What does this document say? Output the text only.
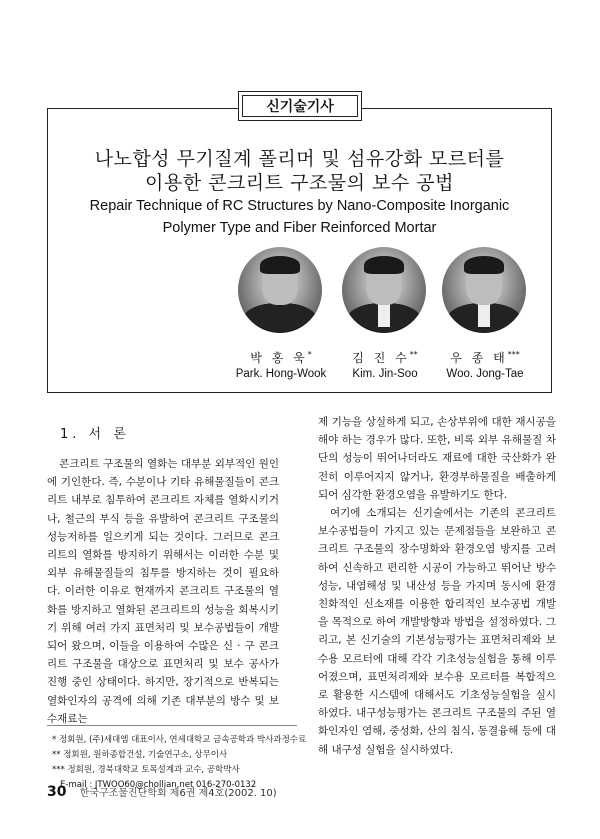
신기술기사
나노합성 무기질계 폴리머 및 섬유강화 모르터를
이용한 콘크리트 구조물의 보수 공법
Repair Technique of RC Structures by Nano-Composite Inorganic
Polymer Type and Fiber Reinforced Mortar
박 홍 욱*
Park. Hong-Wook
김 진 수**
Kim. Jin-Soo
우 종 태***
Woo. Jong-Tae
1. 서 론

콘크리트 구조물의 열화는 대부분 외부적인 원인에 기인한다. 즉, 수분이나 기타 유해물질들이 콘크리트 내부로 침투하여 콘크리트 자체를 열화시키거나, 철근의 부식 등을 유발하여 콘크리트 구조물의 성능저하를 일으키게 되는 것이다. 그러므로 콘크리트의 열화를 방지하기 위해서는 이러한 수분 및 외부 유해물질들의 침투를 방지하는 것이 필요하다. 이러한 이유로 현재까지 콘크리트 구조물의 열화를 방지하고 열화된 콘크리트의 성능을 회복시키기 위해 여러 가지 표면처리 및 보수공법들이 개발되어 왔으며, 이들을 이용하여 수많은 신 · 구 콘크리트 구조물을 대상으로 표면처리 및 보수 공사가 진행 중인 상태이다. 하지만, 장기적으로 반복되는 열화인자의 공격에 의해 기존 대부분의 방수 및 보수재료는

제 기능을 상실하게 되고, 손상부위에 대한 재시공을 해야 하는 경우가 많다. 또한, 비록 외부 유해물질 차단의 성능이 뛰어나더라도 재료에 대한 국산화가 완전히 이루어지지 않거나, 환경부하물질을 배출하게 되어 심각한 환경오염을 유발하기도 한다.

여기에 소개되는 신기술에서는 기존의 콘크리트 보수공법들이 가지고 있는 문제점들을 보완하고 콘크리트 구조물의 장수명화와 환경오염 방지를 고려하여 신속하고 편리한 시공이 가능하고 뛰어난 방수성능, 내염해성 및 내산성 등을 가지며 동시에 환경친화적인 신소재를 이용한 합리적인 보수공법 개발을 목적으로 하여 개발방향과 방법을 설정하였다. 그리고, 본 신기술의 기본성능평가는 표면처리제와 보수용 모르터에 대해 각각 기초성능실험을 통해 이루어졌으며, 표면처리제와 보수용 모르터를 복합적으로 활용한 시스템에 대해서도 기초성능실험을 실시하였다. 내구성능평가는 콘크리트 구조물의 주된 열화인자인 염해, 중성화, 산의 침식, 동결융해 등에 대해 내구성 실험을 실시하였다.

* 정회원, (주)세대엠 대표이사, 연세대학교 금속공학과 박사과정수료
** 정회원, 원하종합건설, 기술연구소, 상무이사
*** 정회원, 경북대학교 토목설계과 교수, 공학박사
E-mail : JTWOO60@chollian.net 016-270-0132
30 한국구조물진단학회 제6권 제4호(2002. 10)
